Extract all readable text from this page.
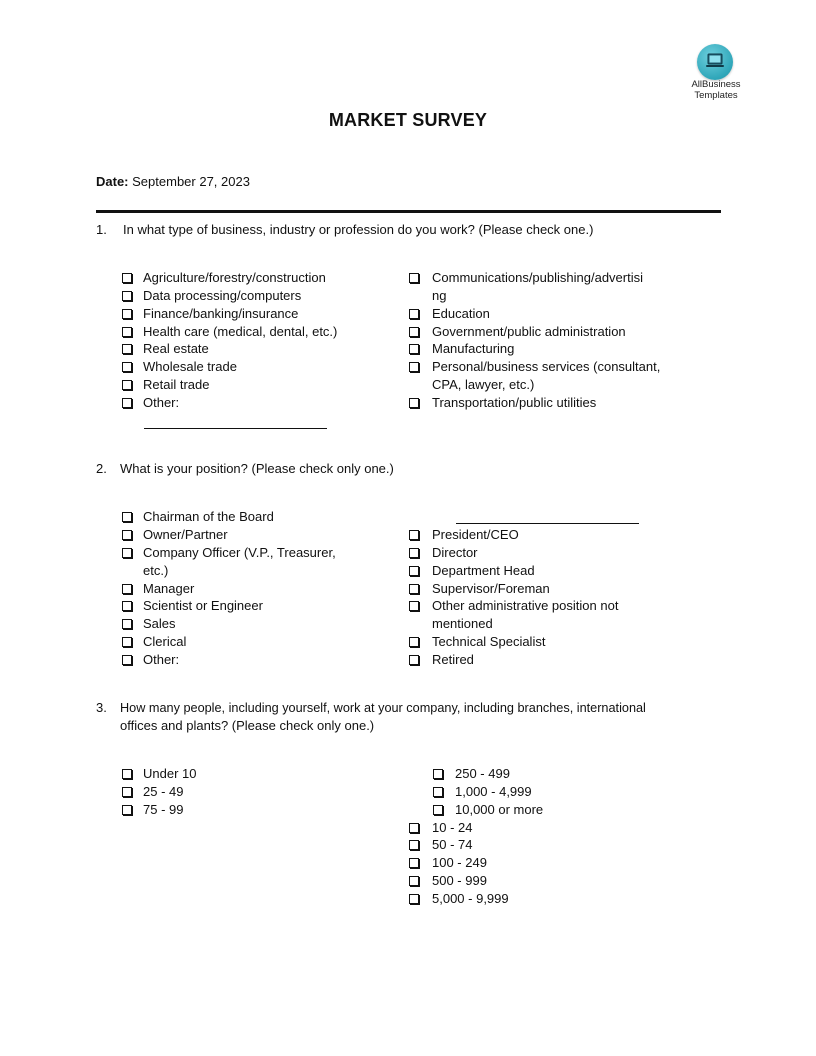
AllBusiness
Templates
MARKET SURVEY
Date: September 27, 2023
1. In what type of business, industry or profession do you work? (Please check one.)
Agriculture/forestry/construction
Data processing/computers
Finance/banking/insurance
Health care (medical, dental, etc.)
Real estate
Wholesale trade
Retail trade
Other:
Communications/publishing/advertisi
ng
Education
Government/public administration
Manufacturing
Personal/business services (consultant,
CPA, lawyer, etc.)
Transportation/public utilities
2. What is your position? (Please check only one.)
Chairman of the Board
Owner/Partner
Company Officer (V.P., Treasurer,
etc.)
Manager
Scientist or Engineer
Sales
Clerical
Other:
President/CEO
Director
Department Head
Supervisor/Foreman
Other administrative position not
mentioned
Technical Specialist
Retired
3. How many people, including yourself, work at your company, including branches, international
offices and plants? (Please check only one.)
Under 10
25 - 49
75 - 99
250 - 499
1,000 - 4,999
10,000 or more
10 - 24
50 - 74
100 - 249
500 - 999
5,000 - 9,999
